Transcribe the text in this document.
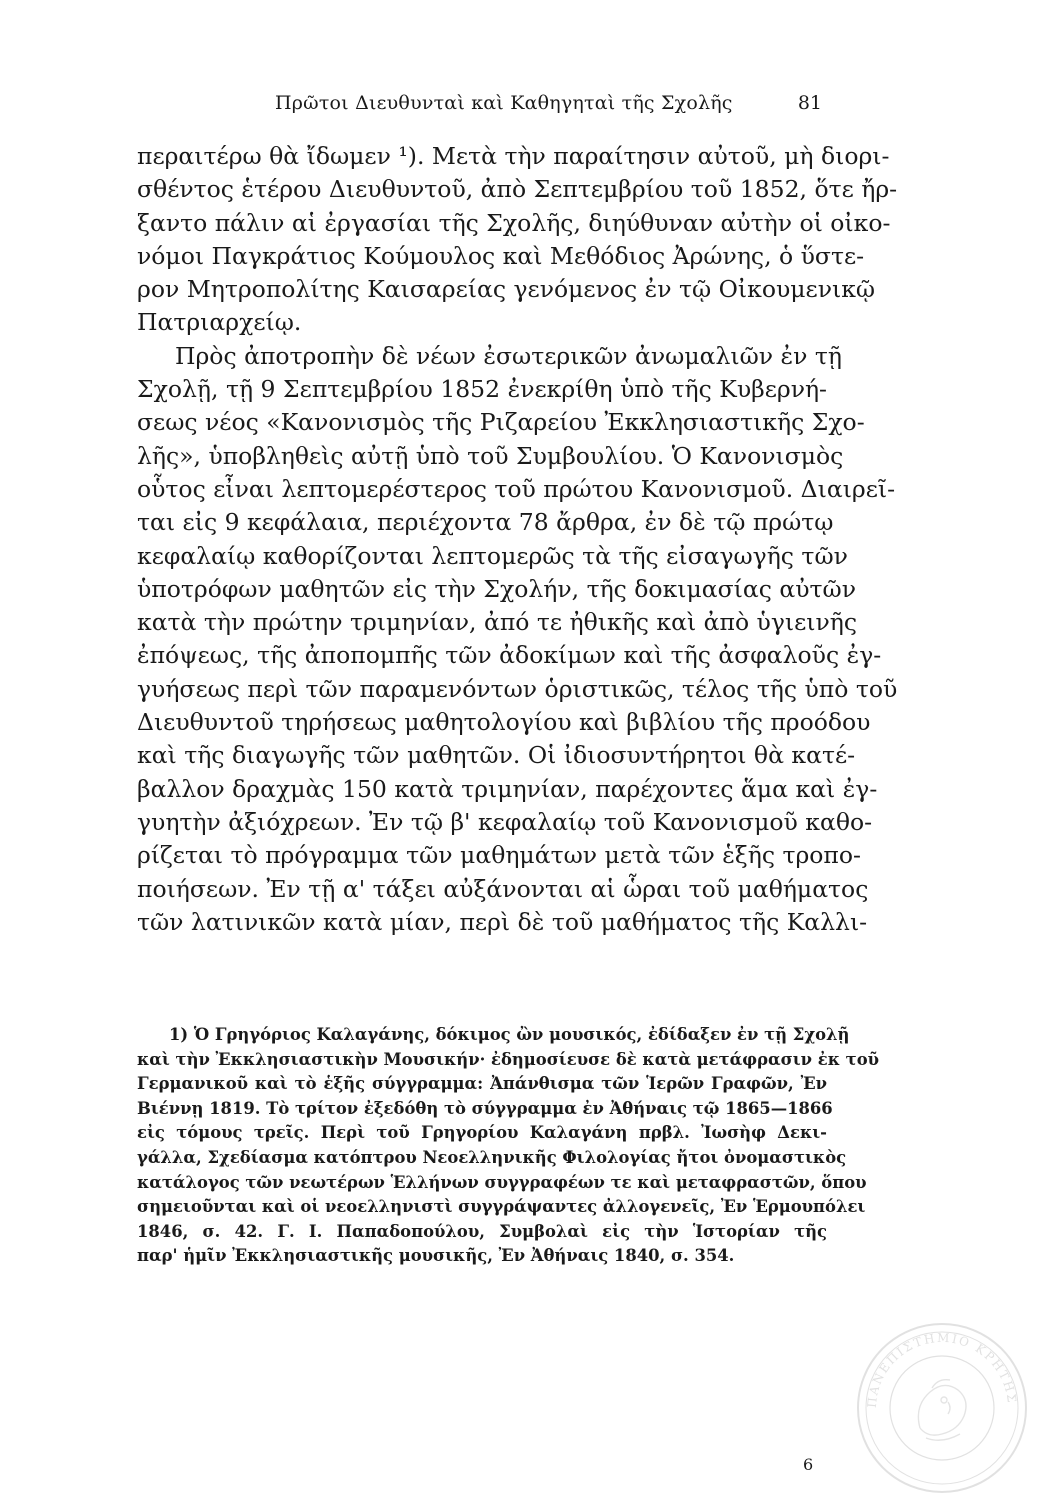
Πρῶτοι Διευθυνταὶ καὶ Καθηγηταὶ τῆς Σχολῆς	81
περαιτέρω θὰ ἴδωμεν ¹). Μετὰ τὴν παραίτησιν αὐτοῦ, μὴ διορι-
σθέντος ἑτέρου Διευθυντοῦ, ἀπὸ Σεπτεμβρίου τοῦ 1852, ὅτε ἤρ-
ξαντο πάλιν αἱ ἐργασίαι τῆς Σχολῆς, διηύθυναν αὐτὴν οἱ οἰκο-
νόμοι Παγκράτιος Κούμουλος καὶ Μεθόδιος Ἀρώνης, ὁ ὕστε-
ρον Μητροπολίτης Καισαρείας γενόμενος ἐν τῷ Οἰκουμενικῷ
Πατριαρχείῳ.
Πρὸς ἀποτροπὴν δὲ νέων ἐσωτερικῶν ἀνωμαλιῶν ἐν τῇ
Σχολῇ, τῇ 9 Σεπτεμβρίου 1852 ἐνεκρίθη ὑπὸ τῆς Κυβερνή-
σεως νέος «Κανονισμὸς τῆς Ριζαρείου Ἐκκλησιαστικῆς Σχο-
λῆς», ὑποβληθεὶς αὐτῇ ὑπὸ τοῦ Συμβουλίου. Ὁ Κανονισμὸς
οὗτος εἶναι λεπτομερέστερος τοῦ πρώτου Κανονισμοῦ. Διαιρεῖ-
ται εἰς 9 κεφάλαια, περιέχοντα 78 ἄρθρα, ἐν δὲ τῷ πρώτῳ
κεφαλαίῳ καθορίζονται λεπτομερῶς τὰ τῆς εἰσαγωγῆς τῶν
ὑποτρόφων μαθητῶν εἰς τὴν Σχολήν, τῆς δοκιμασίας αὐτῶν
κατὰ τὴν πρώτην τριμηνίαν, ἀπό τε ἠθικῆς καὶ ἀπὸ ὑγιεινῆς
ἐπόψεως, τῆς ἀποπομπῆς τῶν ἀδοκίμων καὶ τῆς ἀσφαλοῦς ἐγ-
γυήσεως περὶ τῶν παραμενόντων ὁριστικῶς, τέλος τῆς ὑπὸ τοῦ
Διευθυντοῦ τηρήσεως μαθητολογίου καὶ βιβλίου τῆς προόδου
καὶ τῆς διαγωγῆς τῶν μαθητῶν. Οἱ ἰδιοσυντήρητοι θὰ κατέ-
βαλλον δραχμὰς 150 κατὰ τριμηνίαν, παρέχοντες ἅμα καὶ ἐγ-
γυητὴν ἀξιόχρεων. Ἐν τῷ β' κεφαλαίῳ τοῦ Κανονισμοῦ καθο-
ρίζεται τὸ πρόγραμμα τῶν μαθημάτων μετὰ τῶν ἑξῆς τροπο-
ποιήσεων. Ἐν τῇ α' τάξει αὐξάνονται αἱ ὧραι τοῦ μαθήματος
τῶν λατινικῶν κατὰ μίαν, περὶ δὲ τοῦ μαθήματος τῆς Καλλι-
1) Ὁ Γρηγόριος Καλαγάνης, δόκιμος ὢν μουσικός, ἐδίδαξεν ἐν τῇ Σχολῇ
καὶ τὴν Ἐκκλησιαστικὴν Μουσικήν· ἐδημοσίευσε δὲ κατὰ μετάφρασιν ἐκ τοῦ
Γερμανικοῦ καὶ τὸ ἑξῆς σύγγραμμα: Ἀπάνθισμα τῶν Ἱερῶν Γραφῶν, Ἐν
Βιέννῃ 1819. Τὸ τρίτον ἐξεδόθη τὸ σύγγραμμα ἐν Ἀθήναις τῷ 1865—1866
εἰς τόμους τρεῖς. Περὶ τοῦ Γρηγορίου Καλαγάνη πρβλ. Ἰωσὴφ Δεκι-
γάλλα, Σχεδίασμα κατόπτρου Νεοελληνικῆς Φιλολογίας ἤτοι ὀνομαστικὸς
κατάλογος τῶν νεωτέρων Ἑλλήνων συγγραφέων τε καὶ μεταφραστῶν, ὅπου
σημειοῦνται καὶ οἱ νεοελληνιστὶ συγγράψαντες ἀλλογενεῖς, Ἐν Ἑρμουπόλει
1846, σ. 42. Γ. Ι. Παπαδοπούλου, Συμβολαὶ εἰς τὴν Ἱστορίαν τῆς
παρ' ἡμῖν Ἐκκλησιαστικῆς μουσικῆς, Ἐν Ἀθήναις 1840, σ. 354.
6
ΠΑΝΕΠΙΣΤΗΜΙΟ ΚΡΗΤΗΣ
